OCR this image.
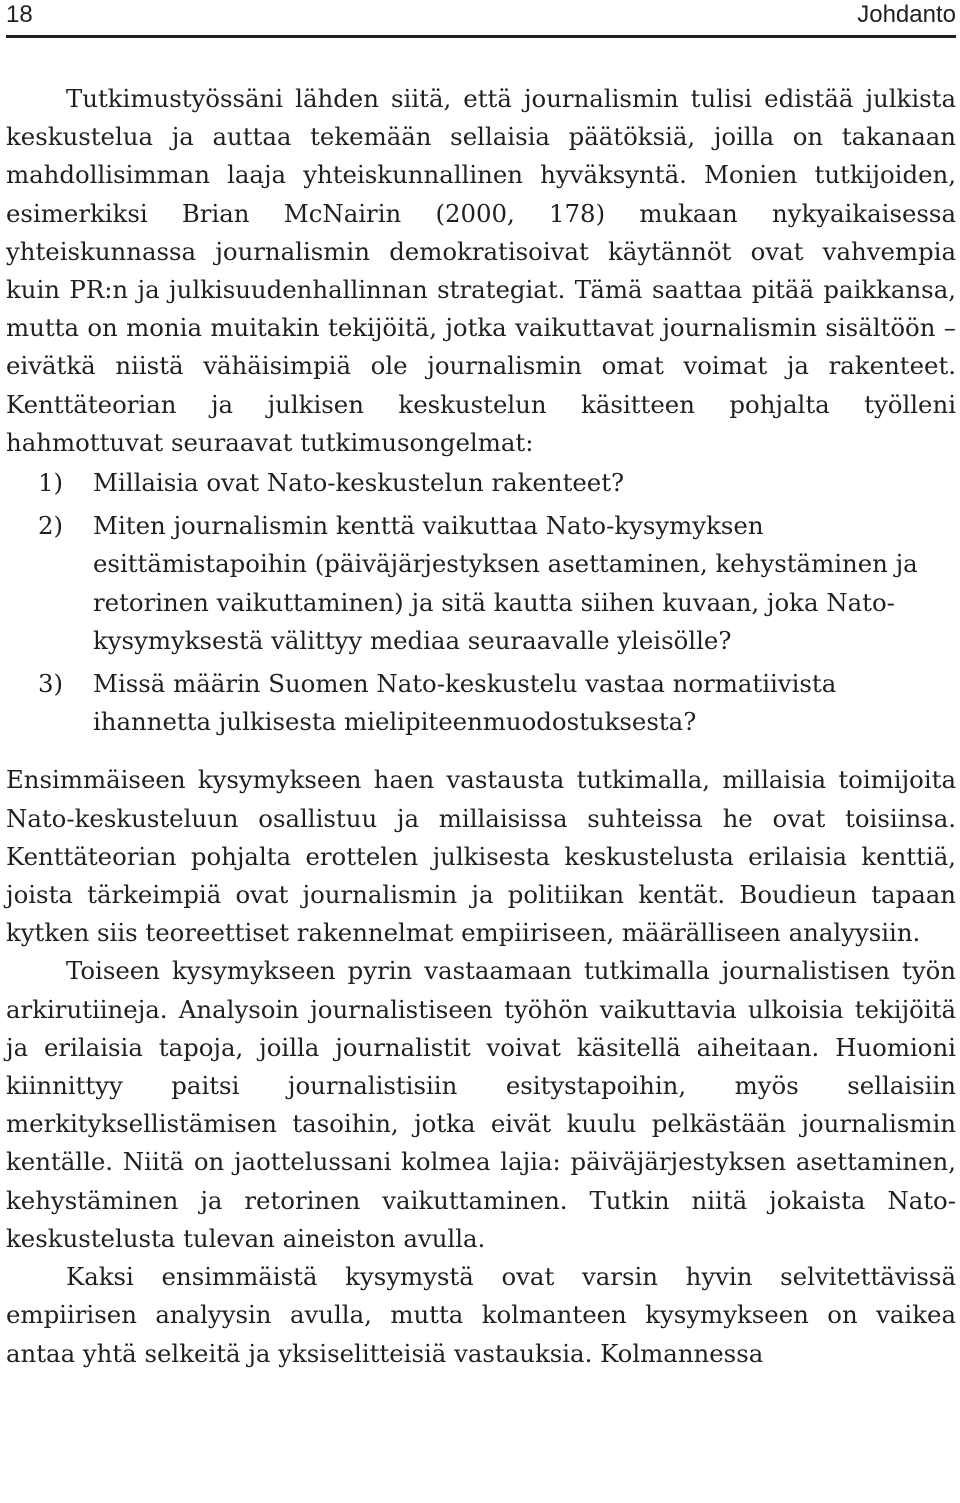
18	Johdanto

Tutkimustyössäni lähden siitä, että journalismin tulisi edistää julkista keskustelua ja auttaa tekemään sellaisia päätöksiä, joilla on takanaan mahdollisimman laaja yhteiskunnallinen hyväksyntä. Monien tutkijoiden, esimerkiksi Brian McNairin (2000, 178) mukaan nykyaikaisessa yhteiskunnassa journalismin demokratisoivat käytännöt ovat vahvempia kuin PR:n ja julkisuudenhallinnan strategiat. Tämä saattaa pitää paikkansa, mutta on monia muitakin tekijöitä, jotka vaikuttavat journalismin sisältöön – eivätkä niistä vähäisimpiä ole journalismin omat voimat ja rakenteet. Kenttäteorian ja julkisen keskustelun käsitteen pohjalta työlleni hahmottuvat seuraavat tutkimusongelmat:

1) Millaisia ovat Nato-keskustelun rakenteet?
2) Miten journalismin kenttä vaikuttaa Nato-kysymyksen esittämistapoihin (päiväjärjestyksen asettaminen, kehystäminen ja retorinen vaikuttaminen) ja sitä kautta siihen kuvaan, joka Nato-kysymyksestä välittyy mediaa seuraavalle yleisölle?
3) Missä määrin Suomen Nato-keskustelu vastaa normatiivista ihannetta julkisesta mielipiteenmuodostuksesta?

Ensimmäiseen kysymykseen haen vastausta tutkimalla, millaisia toimijoita Nato-keskusteluun osallistuu ja millaisissa suhteissa he ovat toisiinsa. Kenttäteorian pohjalta erottelen julkisesta keskustelusta erilaisia kenttiä, joista tärkeimpiä ovat journalismin ja politiikan kentät. Boudieun tapaan kytken siis teoreettiset rakennelmat empiiriseen, määrälliseen analyysiin.

Toiseen kysymykseen pyrin vastaamaan tutkimalla journalistisen työn arkirutiineja. Analysoin journalistiseen työhön vaikuttavia ulkoisia tekijöitä ja erilaisia tapoja, joilla journalistit voivat käsitellä aiheitaan. Huomioni kiinnittyy paitsi journalistisiin esitystapoihin, myös sellaisiin merkityksellistämisen tasoihin, jotka eivät kuulu pelkästään journalismin kentälle. Niitä on jaottelussani kolmea lajia: päiväjärjestyksen asettaminen, kehystäminen ja retorinen vaikuttaminen. Tutkin niitä jokaista Nato-keskustelusta tulevan aineiston avulla.

Kaksi ensimmäistä kysymystä ovat varsin hyvin selvitettävissä empiirisen analyysin avulla, mutta kolmanteen kysymykseen on vaikea antaa yhtä selkeitä ja yksiselitteisiä vastauksia. Kolmannessa
